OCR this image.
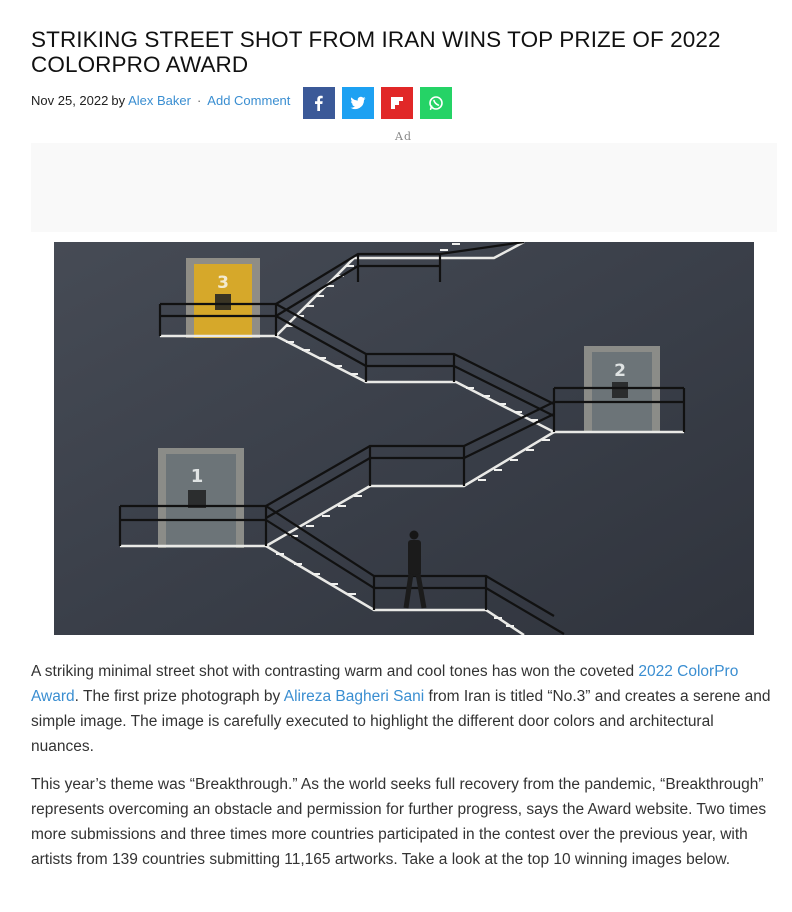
STRIKING STREET SHOT FROM IRAN WINS TOP PRIZE OF 2022 COLORPRO AWARD
Nov 25, 2022 by Alex Baker · Add Comment
Ad
3
2
1

A striking minimal street shot with contrasting warm and cool tones has won the coveted 2022 ColorPro Award. The first prize photograph by Alireza Bagheri Sani from Iran is titled “No.3” and creates a serene and simple image. The image is carefully executed to highlight the different door colors and architectural nuances.

This year’s theme was “Breakthrough.” As the world seeks full recovery from the pandemic, “Breakthrough” represents overcoming an obstacle and permission for further progress, says the Award website. Two times more submissions and three times more countries participated in the contest over the previous year, with artists from 139 countries submitting 11,165 artworks. Take a look at the top 10 winning images below.
